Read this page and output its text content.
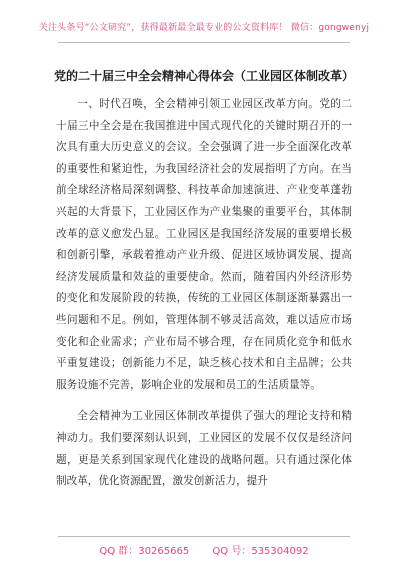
关注头条号“公文研究”，获得最新最全最专业的公文资料库！ 微信：gongwenyj
党的二十届三中全会精神心得体会（工业园区体制改革）

一、时代召唤，全会精神引领工业园区改革方向。党的二十届三中全会是在我国推进中国式现代化的关键时期召开的一次具有重大历史意义的会议。全会强调了进一步全面深化改革的重要性和紧迫性，为我国经济社会的发展指明了方向。在当前全球经济格局深刻调整、科技革命加速演进、产业变革蓬勃兴起的大背景下，工业园区作为产业集聚的重要平台，其体制改革的意义愈发凸显。工业园区是我国经济发展的重要增长极和创新引擎，承载着推动产业升级、促进区域协调发展、提高经济发展质量和效益的重要使命。然而，随着国内外经济形势的变化和发展阶段的转换，传统的工业园区体制逐渐暴露出一些问题和不足。例如，管理体制不够灵活高效，难以适应市场变化和企业需求；产业布局不够合理，存在同质化竞争和低水平重复建设；创新能力不足，缺乏核心技术和自主品牌；公共服务设施不完善，影响企业的发展和员工的生活质量等。

全会精神为工业园区体制改革提供了强大的理论支持和精神动力。我们要深刻认识到，工业园区的发展不仅仅是经济问题，更是关系到国家现代化建设的战略问题。只有通过深化体制改革，优化资源配置，激发创新活力，提升

QQ 群：30265665 QQ 号：535304092
